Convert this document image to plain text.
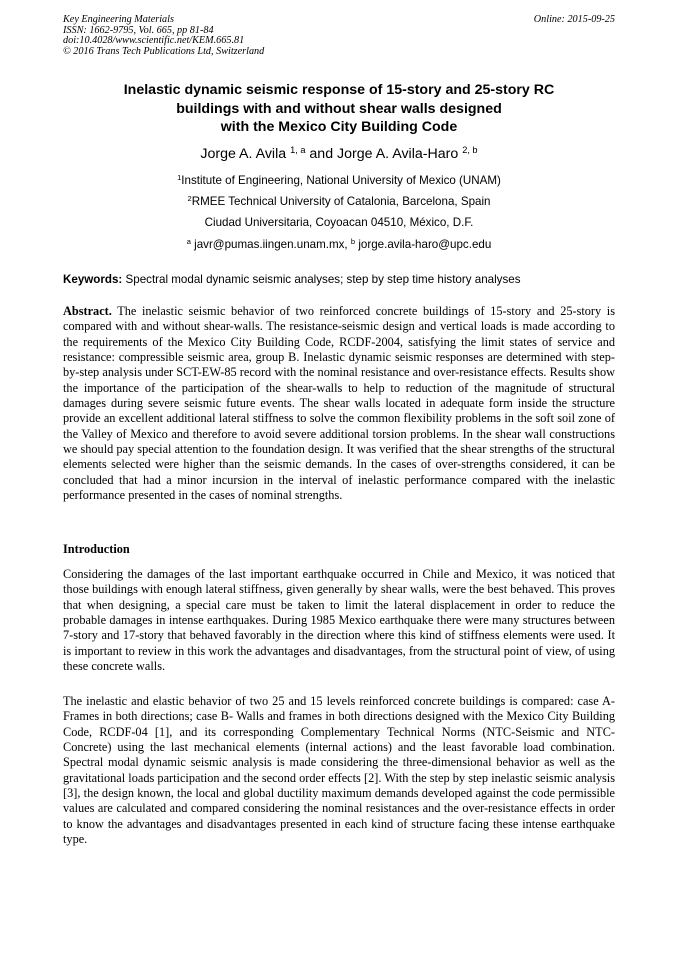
Key Engineering Materials
ISSN: 1662-9795, Vol. 665, pp 81-84
doi:10.4028/www.scientific.net/KEM.665.81
© 2016 Trans Tech Publications Ltd, Switzerland
Online: 2015-09-25
Inelastic dynamic seismic response of 15-story and 25-story RC
buildings with and without shear walls designed
with the Mexico City Building Code
Jorge A. Avila $^{1, a}$ and Jorge A. Avila-Haro $^{2, b}$
$^1$Institute of Engineering, National University of Mexico (UNAM)
$^2$RMEE Technical University of Catalonia, Barcelona, Spain
Ciudad Universitaria, Coyoacan 04510, México, D.F.
$^a$ javr@pumas.iingen.unam.mx, $^b$ jorge.avila-haro@upc.edu
Keywords: Spectral modal dynamic seismic analyses; step by step time history analyses
Abstract. The inelastic seismic behavior of two reinforced concrete buildings of 15-story and 25-story is compared with and without shear-walls. The resistance-seismic design and vertical loads is made according to the requirements of the Mexico City Building Code, RCDF-2004, satisfying the limit states of service and resistance: compressible seismic area, group B. Inelastic dynamic seismic responses are determined with step-by-step analysis under SCT-EW-85 record with the nominal resistance and over-resistance effects. Results show the importance of the participation of the shear-walls to help to reduction of the magnitude of structural damages during severe seismic future events. The shear walls located in adequate form inside the structure provide an excellent additional lateral stiffness to solve the common flexibility problems in the soft soil zone of the Valley of Mexico and therefore to avoid severe additional torsion problems. In the shear wall constructions we should pay special attention to the foundation design. It was verified that the shear strengths of the structural elements selected were higher than the seismic demands. In the cases of over-strengths considered, it can be concluded that had a minor incursion in the interval of inelastic performance compared with the inelastic performance presented in the cases of nominal strengths.
Introduction
Considering the damages of the last important earthquake occurred in Chile and Mexico, it was noticed that those buildings with enough lateral stiffness, given generally by shear walls, were the best behaved. This proves that when designing, a special care must be taken to limit the lateral displacement in order to reduce the probable damages in intense earthquakes. During 1985 Mexico earthquake there were many structures between 7-story and 17-story that behaved favorably in the direction where this kind of stiffness elements were used. It is important to review in this work the advantages and disadvantages, from the structural point of view, of using these concrete walls.
The inelastic and elastic behavior of two 25 and 15 levels reinforced concrete buildings is compared: case A- Frames in both directions; case B- Walls and frames in both directions designed with the Mexico City Building Code, RCDF-04 [1], and its corresponding Complementary Technical Norms (NTC-Seismic and NTC-Concrete) using the last mechanical elements (internal actions) and the least favorable load combination. Spectral modal dynamic seismic analysis is made considering the three-dimensional behavior as well as the gravitational loads participation and the second order effects [2]. With the step by step inelastic seismic analysis [3], the design known, the local and global ductility maximum demands developed against the code permissible values are calculated and compared considering the nominal resistances and the over-resistance effects in order to know the advantages and disadvantages presented in each kind of structure facing these intense earthquake type.
